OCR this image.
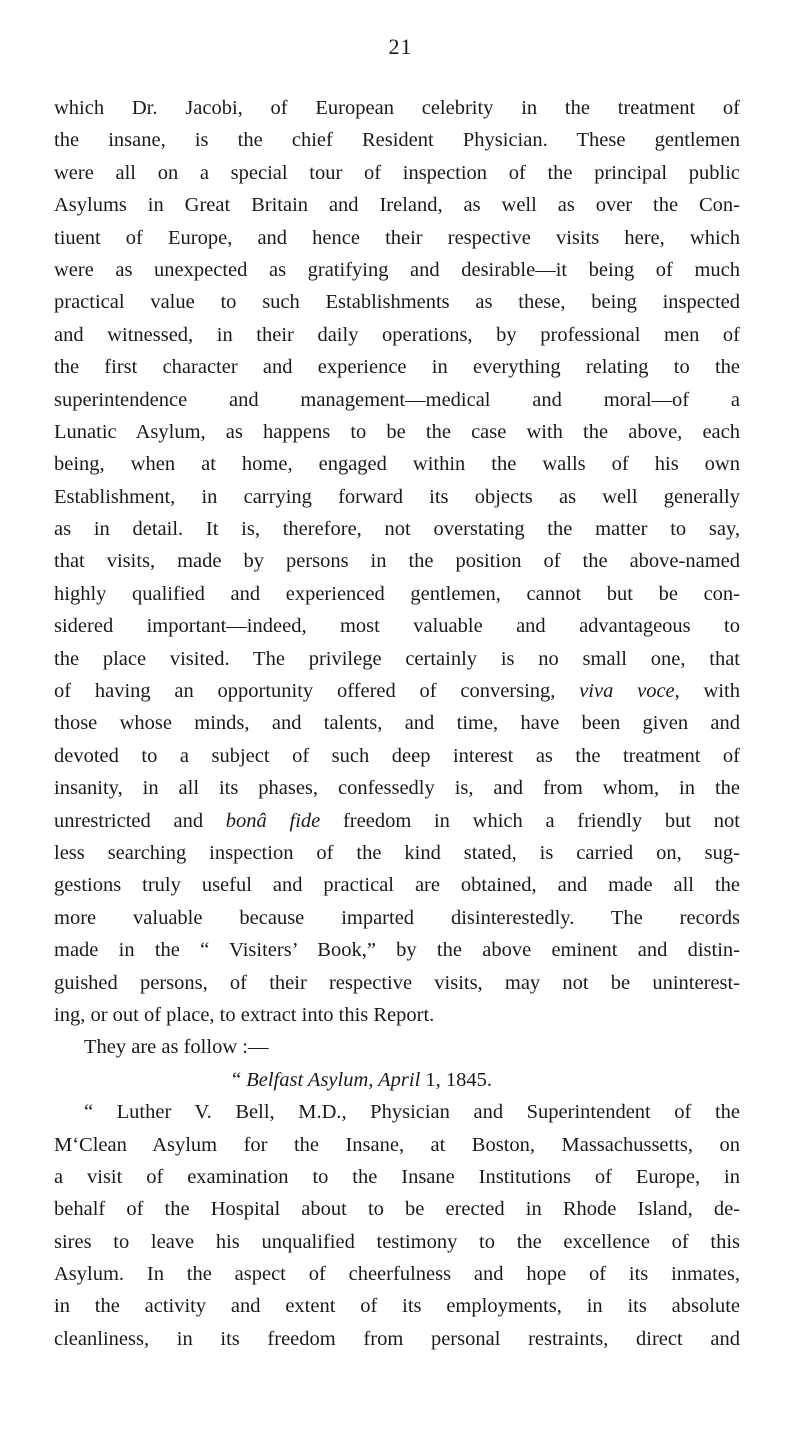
21
which Dr. Jacobi, of European celebrity in the treatment of
the insane, is the chief Resident Physician. These gentlemen
were all on a special tour of inspection of the principal public
Asylums in Great Britain and Ireland, as well as over the Con-
tiuent of Europe, and hence their respective visits here, which
were as unexpected as gratifying and desirable—it being of much
practical value to such Establishments as these, being inspected
and witnessed, in their daily operations, by professional men of
the first character and experience in everything relating to the
superintendence and management—medical and moral—of a
Lunatic Asylum, as happens to be the case with the above, each
being, when at home, engaged within the walls of his own
Establishment, in carrying forward its objects as well generally
as in detail. It is, therefore, not overstating the matter to say,
that visits, made by persons in the position of the above-named
highly qualified and experienced gentlemen, cannot but be con-
sidered important—indeed, most valuable and advantageous to
the place visited. The privilege certainly is no small one, that
of having an opportunity offered of conversing, viva voce, with
those whose minds, and talents, and time, have been given and
devoted to a subject of such deep interest as the treatment of
insanity, in all its phases, confessedly is, and from whom, in the
unrestricted and bonâ fide freedom in which a friendly but not
less searching inspection of the kind stated, is carried on, sug-
gestions truly useful and practical are obtained, and made all the
more valuable because imparted disinterestedly. The records
made in the “ Visiters’ Book,” by the above eminent and distin-
guished persons, of their respective visits, may not be uninterest-
ing, or out of place, to extract into this Report.
They are as follow :—
“ Belfast Asylum, April 1, 1845.
“ Luther V. Bell, M.D., Physician and Superintendent of the
M‘Clean Asylum for the Insane, at Boston, Massachussetts, on
a visit of examination to the Insane Institutions of Europe, in
behalf of the Hospital about to be erected in Rhode Island, de-
sires to leave his unqualified testimony to the excellence of this
Asylum. In the aspect of cheerfulness and hope of its inmates,
in the activity and extent of its employments, in its absolute
cleanliness, in its freedom from personal restraints, direct and
